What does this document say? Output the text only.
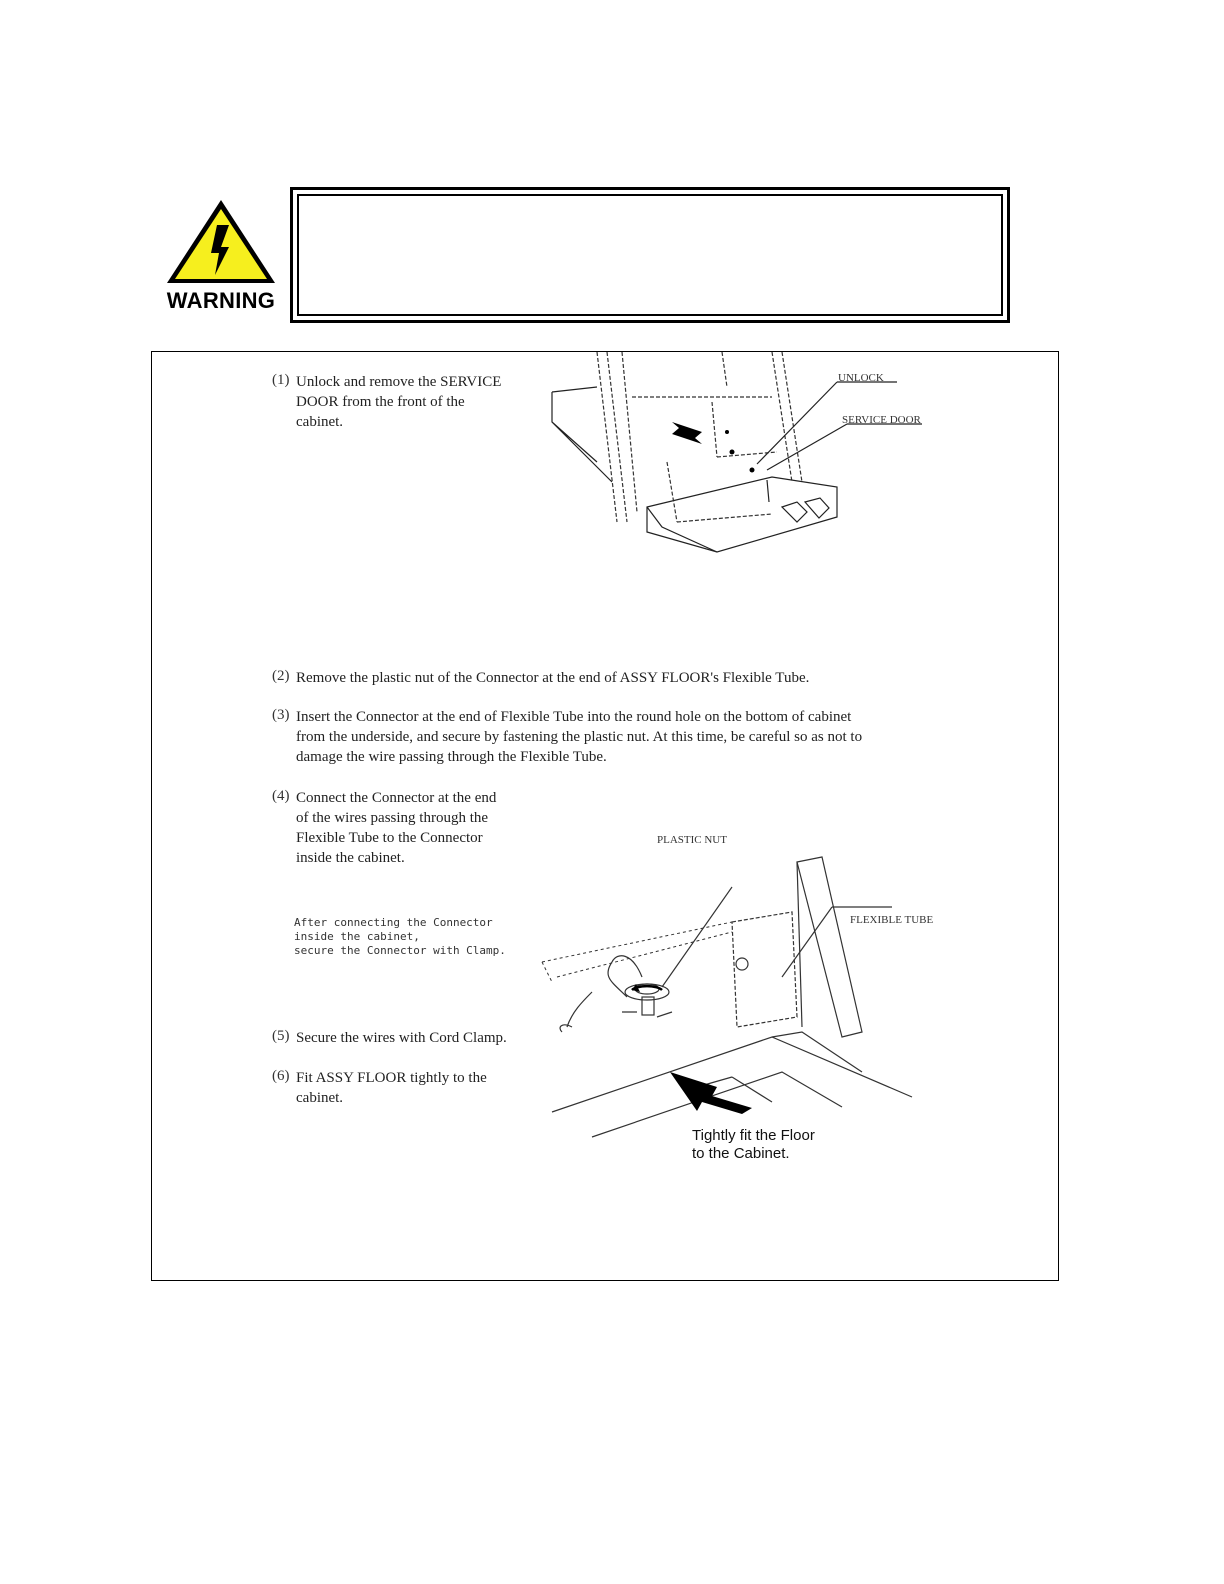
WARNING
(1) Unlock and remove the SERVICE
DOOR from the front of the
cabinet.

UNLOCK
SERVICE DOOR
(2) Remove the plastic nut of the Connector at the end of ASSY FLOOR's Flexible Tube.

(3) Insert the Connector at the end of Flexible Tube into the round hole on the bottom of cabinet
from the underside, and secure by fastening the plastic nut. At this time, be careful so as not to
damage the wire passing through the Flexible Tube.

(4) Connect the Connector at the end
of the wires passing through the
Flexible Tube to the Connector
inside the cabinet.

After connecting the Connector
inside the cabinet,
secure the Connector with Clamp.

(5) Secure the wires with Cord Clamp.

(6) Fit ASSY FLOOR tightly to the
cabinet.

PLASTIC NUT
FLEXIBLE TUBE

Tightly fit the Floor
to the Cabinet.
